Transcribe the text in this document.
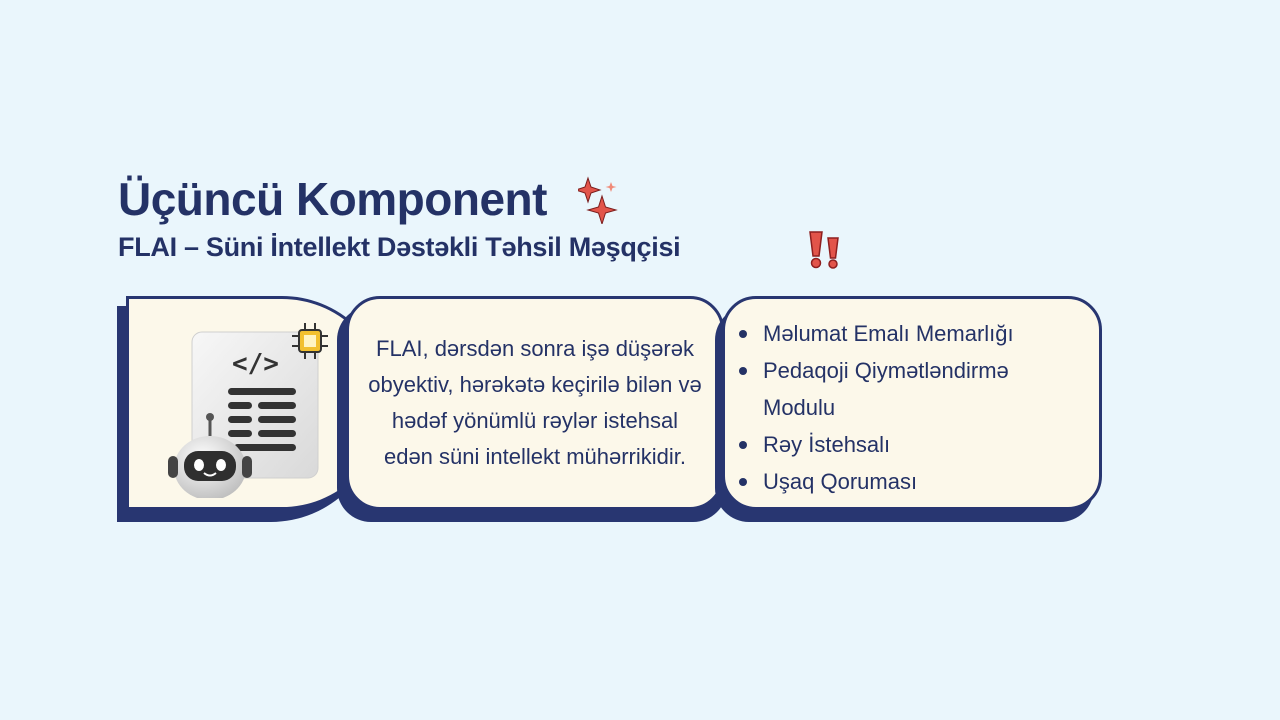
Üçüncü Komponent
FLAI – Süni İntellekt Dəstəkli Təhsil Məşqçisi
</>

FLAI, dərsdən sonra işə düşərək obyektiv, hərəkətə keçirilə bilən və hədəf yönümlü rəylər istehsal edən süni intellekt mühərrikidir.

Məlumat Emalı Memarlığı
Pedaqoji Qiymətləndirmə Modulu
Rəy İstehsalı
Uşaq Qoruması
